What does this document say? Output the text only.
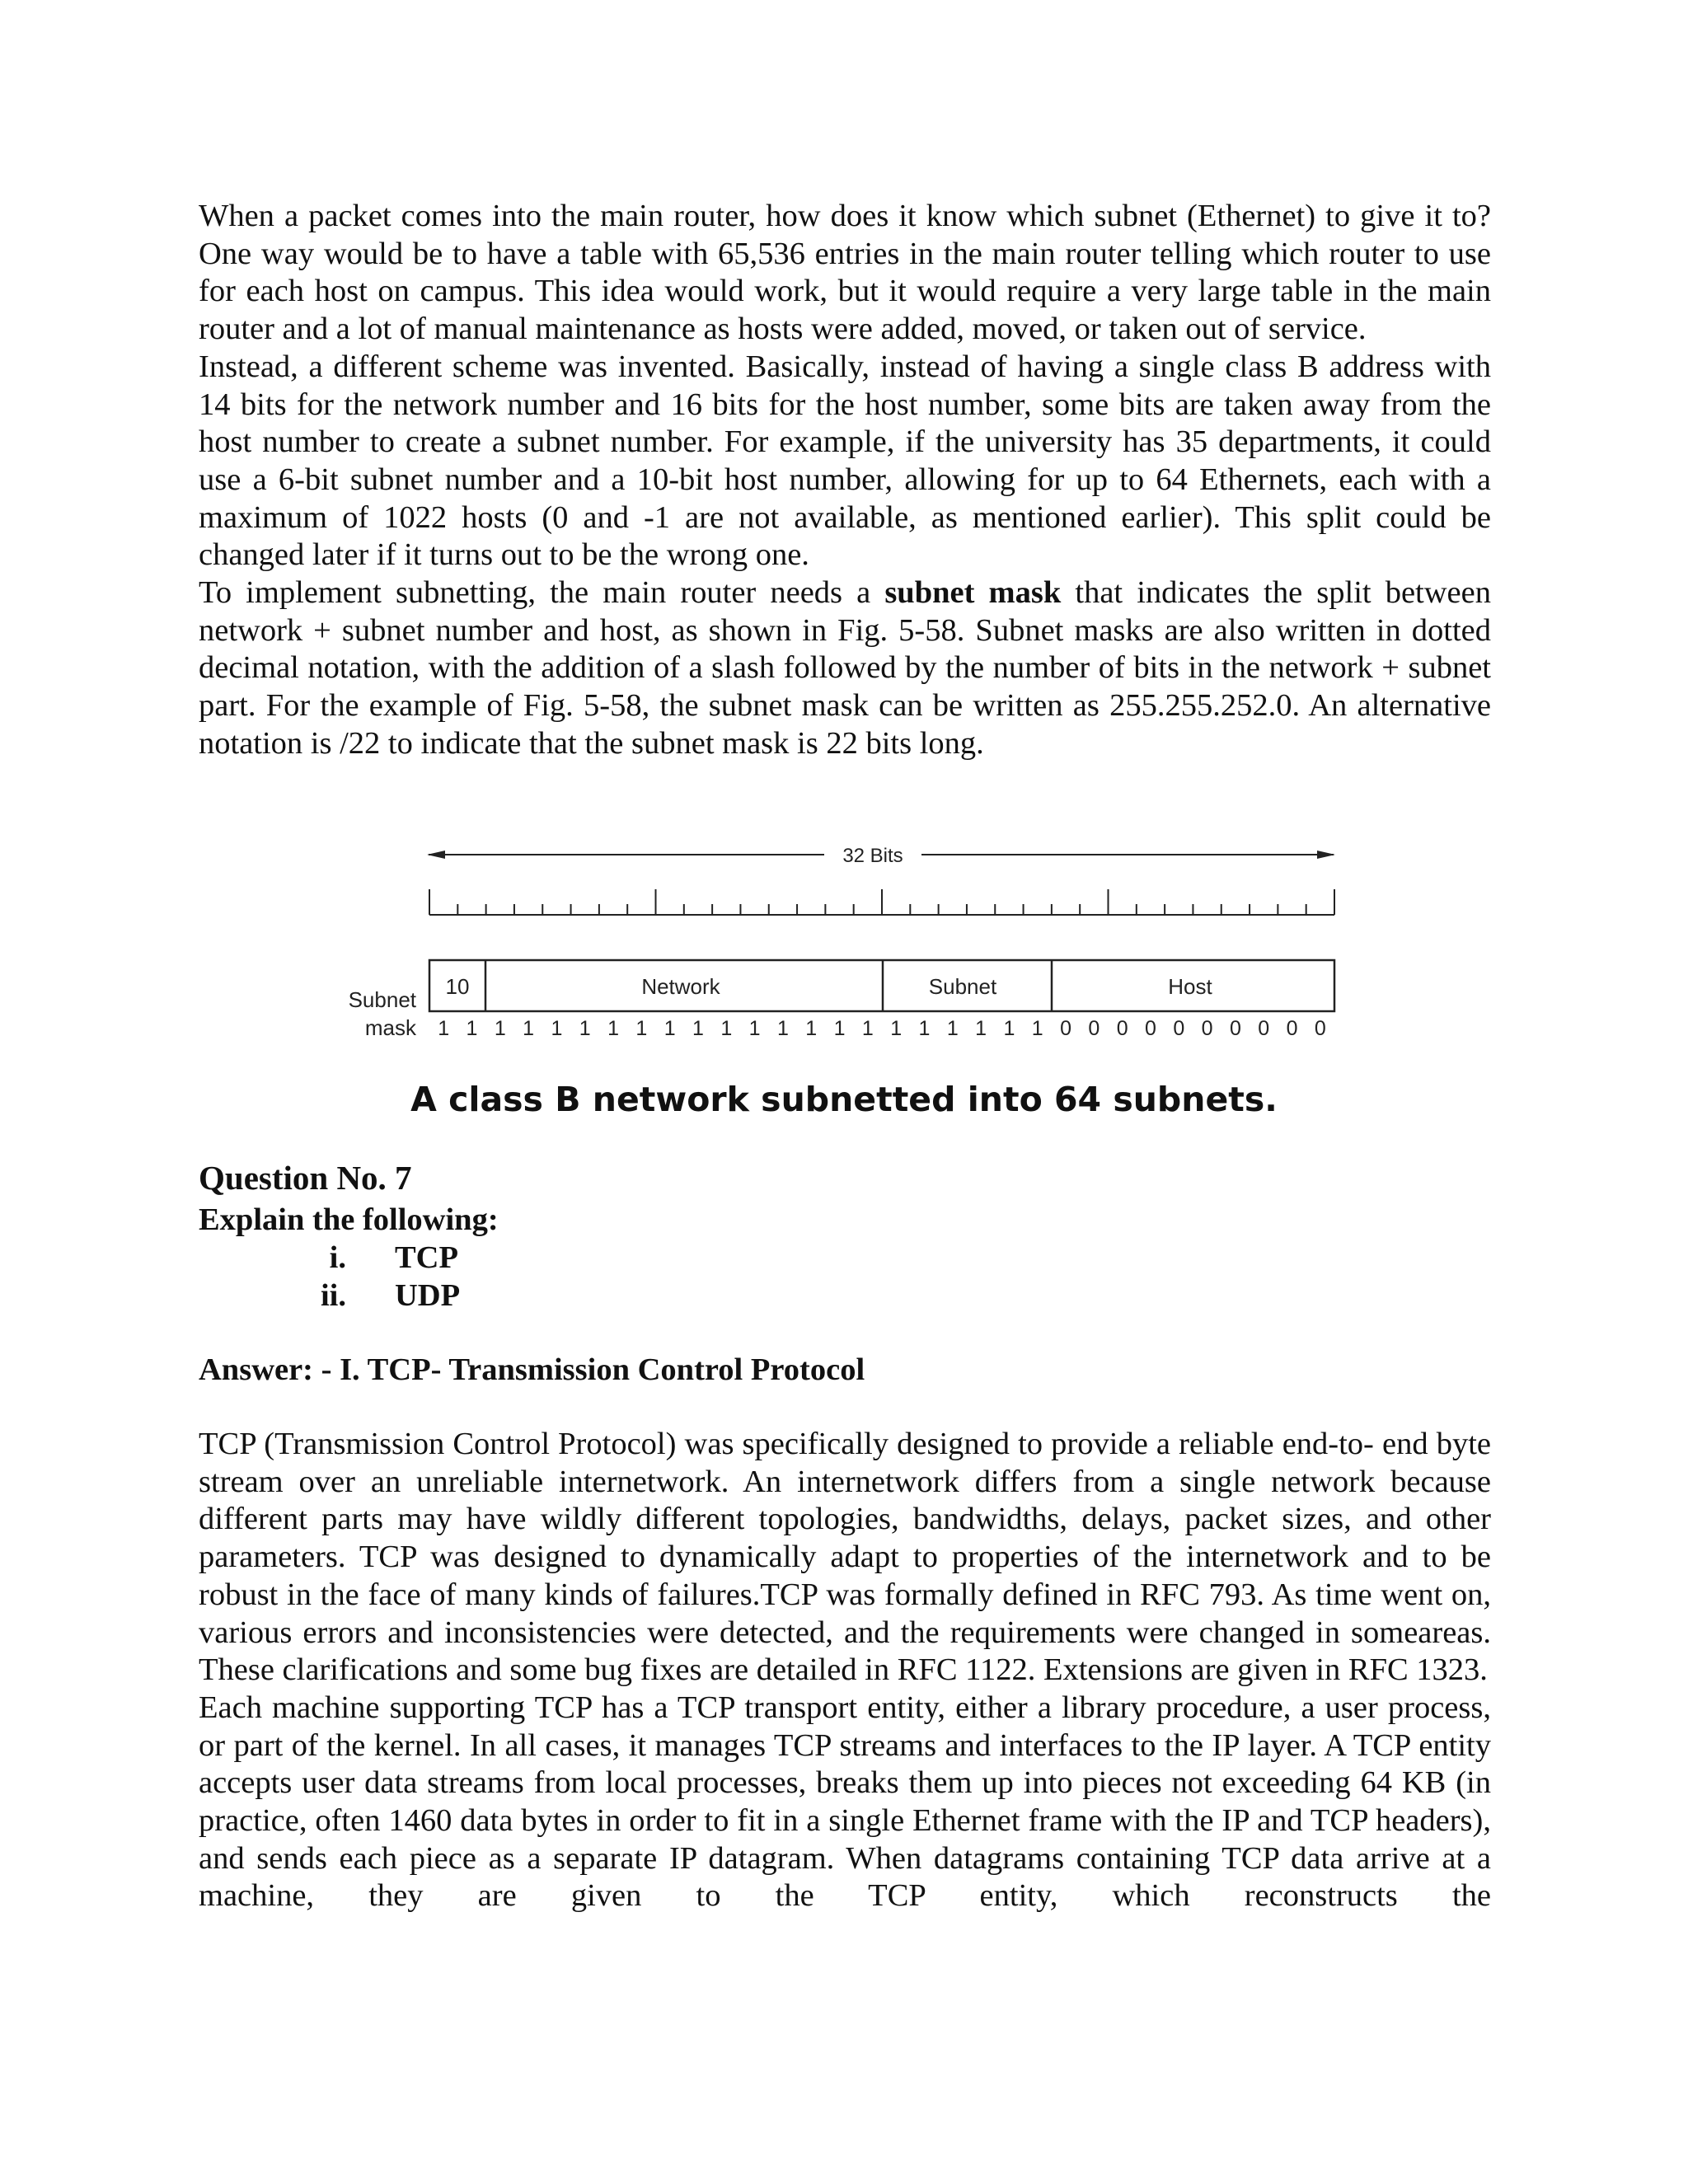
When a packet comes into the main router, how does it know which subnet (Ethernet) to give it to? One way would be to have a table with 65,536 entries in the main router telling which router to use for each host on campus. This idea would work, but it would require a very large table in the main router and a lot of manual maintenance as hosts were added, moved, or taken out of service.

Instead, a different scheme was invented. Basically, instead of having a single class B address with 14 bits for the network number and 16 bits for the host number, some bits are taken away from the host number to create a subnet number. For example, if the university has 35 departments, it could use a 6-bit subnet number and a 10-bit host number, allowing for up to 64 Ethernets, each with a maximum of 1022 hosts (0 and -1 are not available, as mentioned earlier). This split could be changed later if it turns out to be the wrong one.

To implement subnetting, the main router needs a subnet mask that indicates the split between network + subnet number and host, as shown in Fig. 5-58. Subnet masks are also written in dotted decimal notation, with the addition of a slash followed by the number of bits in the network + subnet part. For the example of Fig. 5-58, the subnet mask can be written as 255.255.252.0. An alternative notation is /22 to indicate that the subnet mask is 22 bits long.

32 Bits
10	Network	Subnet	Host
Subnet
mask 1 1 1 1 1 1 1 1 1 1 1 1 1 1 1 1 1 1 1 1 1 1 0 0 0 0 0 0 0 0 0 0
A class B network subnetted into 64 subnets.
Question No. 7
Explain the following:
i. TCP
ii. UDP
Answer: - I. TCP- Transmission Control Protocol

TCP (Transmission Control Protocol) was specifically designed to provide a reliable end-to- end byte stream over an unreliable internetwork. An internetwork differs from a single network because different parts may have wildly different topologies, bandwidths, delays, packet sizes, and other parameters. TCP was designed to dynamically adapt to properties of the internetwork and to be robust in the face of many kinds of failures.TCP was formally defined in RFC 793. As time went on, various errors and inconsistencies were detected, and the requirements were changed in someareas. These clarifications and some bug fixes are detailed in RFC 1122. Extensions are given in RFC 1323.

Each machine supporting TCP has a TCP transport entity, either a library procedure, a user process, or part of the kernel. In all cases, it manages TCP streams and interfaces to the IP layer. A TCP entity accepts user data streams from local processes, breaks them up into pieces not exceeding 64 KB (in practice, often 1460 data bytes in order to fit in a single Ethernet frame with the IP and TCP headers), and sends each piece as a separate IP datagram. When datagrams containing TCP data arrive at a machine, they are given to the TCP entity, which reconstructs the
